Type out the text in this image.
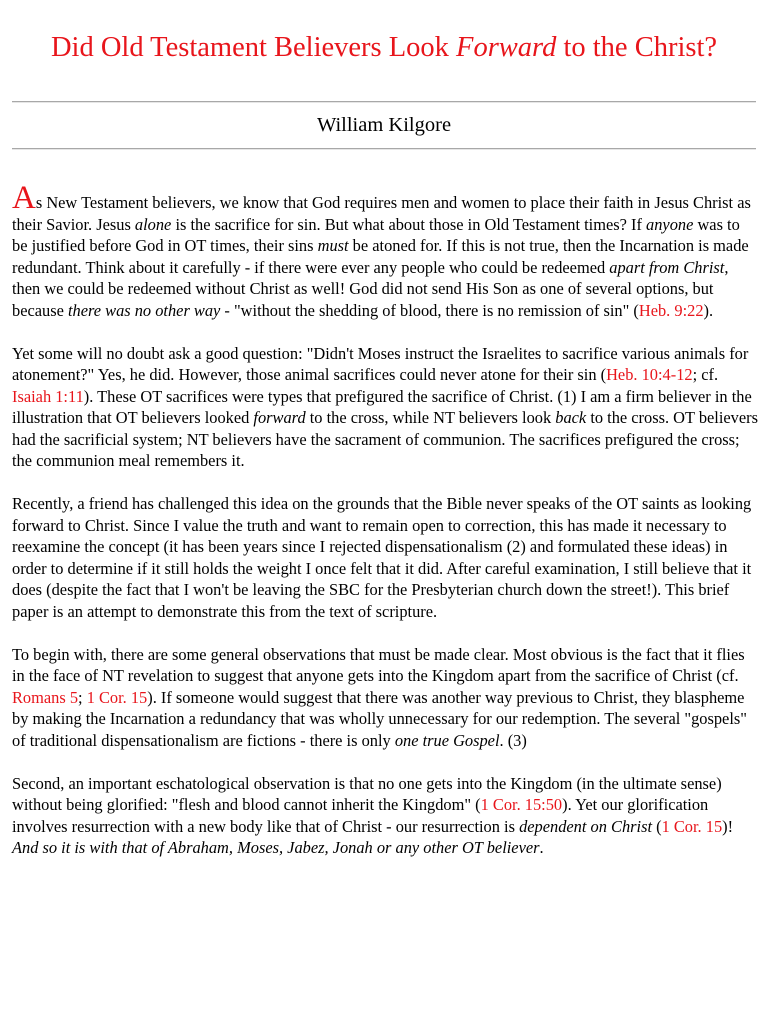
Did Old Testament Believers Look Forward to the Christ?
William Kilgore

As New Testament believers, we know that God requires men and women to place their faith in Jesus Christ as their Savior. Jesus alone is the sacrifice for sin. But what about those in Old Testament times? If anyone was to be justified before God in OT times, their sins must be atoned for. If this is not true, then the Incarnation is made redundant. Think about it carefully - if there were ever any people who could be redeemed apart from Christ, then we could be redeemed without Christ as well! God did not send His Son as one of several options, but because there was no other way - "without the shedding of blood, there is no remission of sin" (Heb. 9:22).

Yet some will no doubt ask a good question: "Didn't Moses instruct the Israelites to sacrifice various animals for atonement?" Yes, he did. However, those animal sacrifices could never atone for their sin (Heb. 10:4-12; cf. Isaiah 1:11). These OT sacrifices were types that prefigured the sacrifice of Christ. (1) I am a firm believer in the illustration that OT believers looked forward to the cross, while NT believers look back to the cross. OT believers had the sacrificial system; NT believers have the sacrament of communion. The sacrifices prefigured the cross; the communion meal remembers it.

Recently, a friend has challenged this idea on the grounds that the Bible never speaks of the OT saints as looking forward to Christ. Since I value the truth and want to remain open to correction, this has made it necessary to reexamine the concept (it has been years since I rejected dispensationalism (2) and formulated these ideas) in order to determine if it still holds the weight I once felt that it did. After careful examination, I still believe that it does (despite the fact that I won't be leaving the SBC for the Presbyterian church down the street!). This brief paper is an attempt to demonstrate this from the text of scripture.

To begin with, there are some general observations that must be made clear. Most obvious is the fact that it flies in the face of NT revelation to suggest that anyone gets into the Kingdom apart from the sacrifice of Christ (cf. Romans 5; 1 Cor. 15). If someone would suggest that there was another way previous to Christ, they blaspheme by making the Incarnation a redundancy that was wholly unnecessary for our redemption. The several "gospels" of traditional dispensationalism are fictions - there is only one true Gospel. (3)

Second, an important eschatological observation is that no one gets into the Kingdom (in the ultimate sense) without being glorified: "flesh and blood cannot inherit the Kingdom" (1 Cor. 15:50). Yet our glorification involves resurrection with a new body like that of Christ - our resurrection is dependent on Christ (1 Cor. 15)! And so it is with that of Abraham, Moses, Jabez, Jonah or any other OT believer.
